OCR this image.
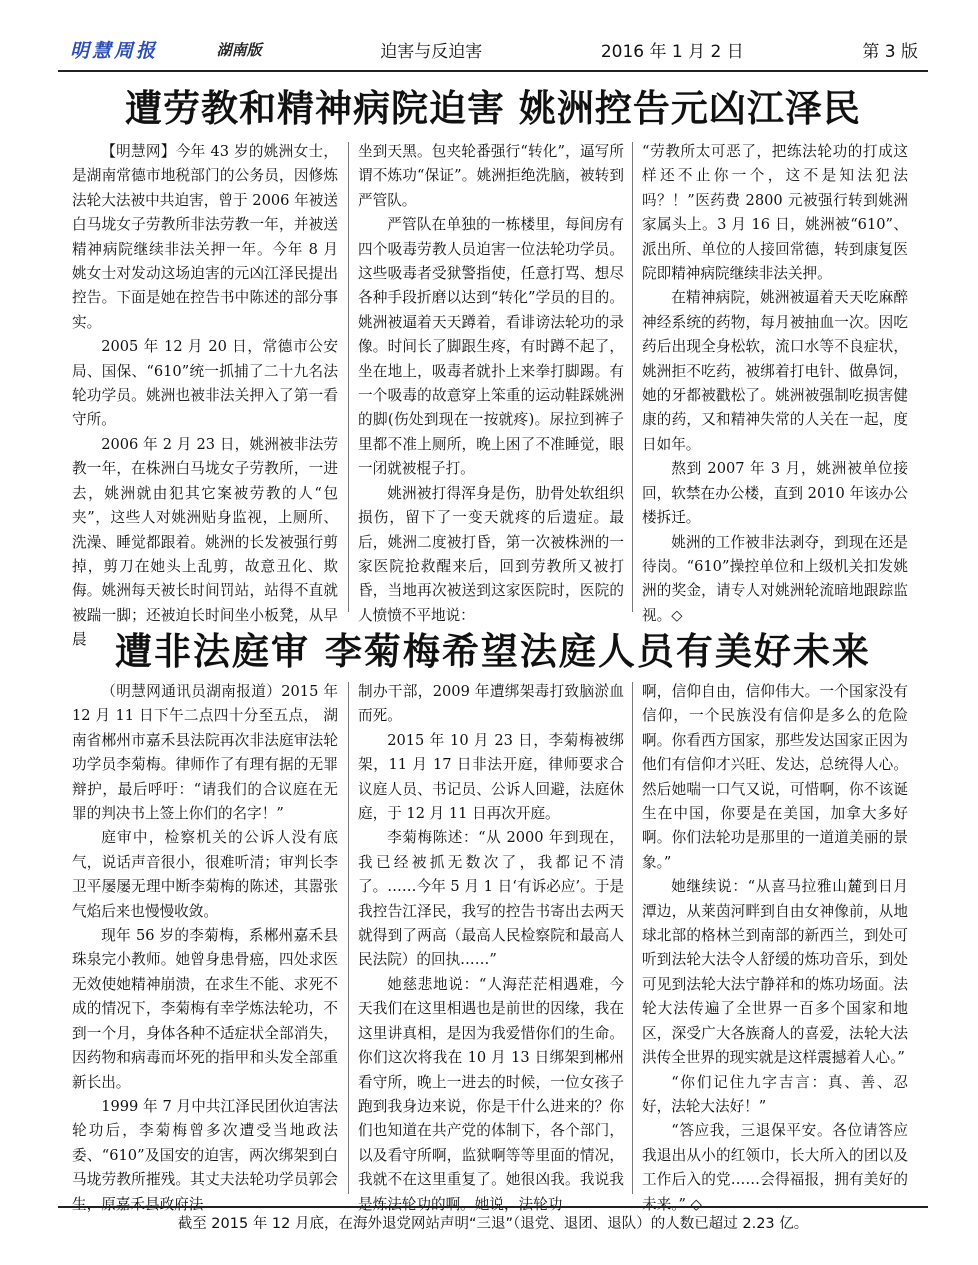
明慧周报	湖南版	迫害与反迫害	2016 年 1 月 2 日	第 3 版
遭劳教和精神病院迫害 姚洲控告元凶江泽民

【明慧网】今年 43 岁的姚洲女士，是湖南常德市地税部门的公务员，因修炼法轮大法被中共迫害，曾于 2006 年被送白马垅女子劳教所非法劳教一年，并被送精神病院继续非法关押一年。今年 8 月姚女士对发动这场迫害的元凶江泽民提出控告。下面是她在控告书中陈述的部分事实。

2005 年 12 月 20 日，常德市公安局、国保、“610”统一抓捕了二十九名法轮功学员。姚洲也被非法关押入了第一看守所。

2006 年 2 月 23 日，姚洲被非法劳教一年，在株洲白马垅女子劳教所，一进去，姚洲就由犯其它案被劳教的人“包夹”，这些人对姚洲贴身监视，上厕所、洗澡、睡觉都跟着。姚洲的长发被强行剪掉，剪刀在她头上乱剪，故意丑化、欺侮。姚洲每天被长时间罚站，站得不直就被踹一脚；还被迫长时间坐小板凳，从早晨

坐到天黑。包夹轮番强行“转化”，逼写所谓不炼功“保证”。姚洲拒绝洗脑，被转到严管队。

严管队在单独的一栋楼里，每间房有四个吸毒劳教人员迫害一位法轮功学员。这些吸毒者受狱警指使，任意打骂、想尽各种手段折磨以达到“转化”学员的目的。姚洲被逼着天天蹲着，看诽谤法轮功的录像。时间长了脚跟生疼，有时蹲不起了，坐在地上，吸毒者就扑上来拳打脚踢。有一个吸毒的故意穿上笨重的运动鞋踩姚洲的脚(伤处到现在一按就疼)。尿拉到裤子里都不准上厕所，晚上困了不准睡觉，眼一闭就被棍子打。

姚洲被打得浑身是伤，肋骨处软组织损伤，留下了一变天就疼的后遗症。最后，姚洲二度被打昏，第一次被株洲的一家医院抢救醒来后，回到劳教所又被打昏，当地再次被送到这家医院时，医院的人愤愤不平地说：

“劳教所太可恶了，把练法轮功的打成这样还不止你一个，这不是知法犯法吗？！”医药费 2800 元被强行转到姚洲家属头上。3 月 16 日，姚洲被“610”、派出所、单位的人接回常德，转到康复医院即精神病院继续非法关押。

在精神病院，姚洲被逼着天天吃麻醉神经系统的药物，每月被抽血一次。因吃药后出现全身松软，流口水等不良症状，姚洲拒不吃药，被绑着打电针、做鼻饲，她的牙都被戳松了。姚洲被强制吃损害健康的药，又和精神失常的人关在一起，度日如年。

熬到 2007 年 3 月，姚洲被单位接回，软禁在办公楼，直到 2010 年该办公楼拆迁。

姚洲的工作被非法剥夺，到现在还是待岗。“610”操控单位和上级机关扣发姚洲的奖金，请专人对姚洲轮流暗地跟踪监视。◇

遭非法庭审 李菊梅希望法庭人员有美好未来

（明慧网通讯员湖南报道）2015 年 12 月 11 日下午二点四十分至五点， 湖南省郴州市嘉禾县法院再次非法庭审法轮功学员李菊梅。律师作了有理有据的无罪辩护，最后呼吁：“请我们的合议庭在无罪的判决书上签上你们的名字！”

庭审中，检察机关的公诉人没有底气，说话声音很小，很难听清；审判长李卫平屡屡无理中断李菊梅的陈述，其嚣张气焰后来也慢慢收敛。

现年 56 岁的李菊梅，系郴州嘉禾县珠泉完小教师。她曾身患骨癌，四处求医无效使她精神崩溃，在求生不能、求死不成的情况下，李菊梅有幸学炼法轮功，不到一个月，身体各种不适症状全部消失，因药物和病毒而坏死的指甲和头发全部重新长出。

1999 年 7 月中共江泽民团伙迫害法轮功后，李菊梅曾多次遭受当地政法委、“610”及国安的迫害，两次绑架到白马垅劳教所摧残。其丈夫法轮功学员郭会生，原嘉禾县政府法

制办干部，2009 年遭绑架毒打致脑淤血而死。

2015 年 10 月 23 日，李菊梅被绑架，11 月 17 日非法开庭，律师要求合议庭人员、书记员、公诉人回避，法庭休庭，于 12 月 11 日再次开庭。

李菊梅陈述：“从 2000 年到现在，我已经被抓无数次了，我都记不清了。……今年 5 月 1 日‘有诉必应’。于是我控告江泽民，我写的控告书寄出去两天就得到了两高（最高人民检察院和最高人民法院）的回执……”

她慈悲地说：“人海茫茫相遇难，今天我们在这里相遇也是前世的因缘，我在这里讲真相，是因为我爱惜你们的生命。你们这次将我在 10 月 13 日绑架到郴州看守所，晚上一进去的时候，一位女孩子跑到我身边来说，你是干什么进来的？你们也知道在共产党的体制下，各个部门，以及看守所啊，监狱啊等等里面的情况，我就不在这里重复了。她很凶我。我说我是炼法轮功的啊。她说，法轮功

啊，信仰自由，信仰伟大。一个国家没有信仰，一个民族没有信仰是多么的危险啊。你看西方国家，那些发达国家正因为他们有信仰才兴旺、发达，总统得人心。然后她喘一口气又说，可惜啊，你不该诞生在中国，你要是在美国，加拿大多好啊。你们法轮功是那里的一道道美丽的景象。”

她继续说：“从喜马拉雅山麓到日月潭边，从莱茵河畔到自由女神像前，从地球北部的格林兰到南部的新西兰，到处可听到法轮大法令人舒缓的炼功音乐，到处可见到法轮大法宁静祥和的炼功场面。法轮大法传遍了全世界一百多个国家和地区，深受广大各族裔人的喜爱，法轮大法洪传全世界的现实就是这样震撼着人心。”

“你们记住九字吉言：真、善、忍好，法轮大法好！”

“答应我，三退保平安。各位请答应我退出从小的红领巾，长大所入的团以及工作后入的党……会得福报，拥有美好的未来。” ◇

截至 2015 年 12 月底，在海外退党网站声明“三退”（退党、退团、退队）的人数已超过 2.23 亿。
